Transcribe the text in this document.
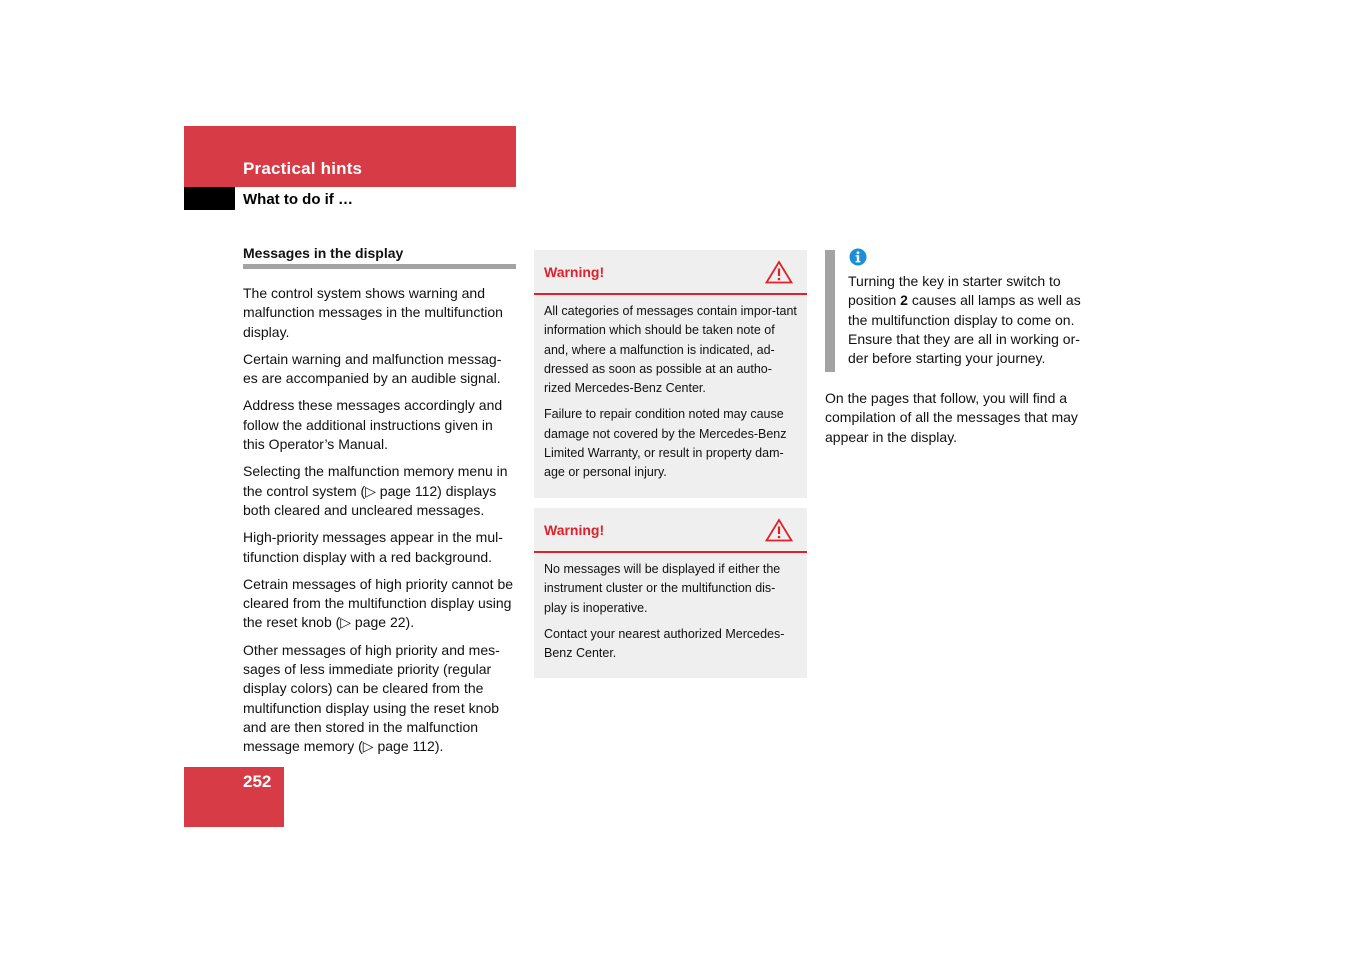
Practical hints
What to do if …
Messages in the display

The control system shows warning and malfunction messages in the multifunction display.

Certain warning and malfunction messag-es are accompanied by an audible signal.

Address these messages accordingly and follow the additional instructions given in this Operator’s Manual.

Selecting the malfunction memory menu in the control system (▷ page 112) displays both cleared and uncleared messages.

High-priority messages appear in the mul-tifunction display with a red background.

Cetrain messages of high priority cannot be cleared from the multifunction display using the reset knob (▷ page 22).

Other messages of high priority and mes-sages of less immediate priority (regular display colors) can be cleared from the multifunction display using the reset knob and are then stored in the malfunction message memory (▷ page 112).

Warning!

All categories of messages contain impor-tant information which should be taken note of and, where a malfunction is indicated, ad-dressed as soon as possible at an autho-rized Mercedes-Benz Center.

Failure to repair condition noted may cause damage not covered by the Mercedes-Benz Limited Warranty, or result in property dam-age or personal injury.

Warning!

No messages will be displayed if either the instrument cluster or the multifunction dis-play is inoperative.

Contact your nearest authorized Mercedes-Benz Center.

Turning the key in starter switch to position 2 causes all lamps as well as the multifunction display to come on. Ensure that they are all in working or-der before starting your journey.

On the pages that follow, you will find a compilation of all the messages that may appear in the display.

252
